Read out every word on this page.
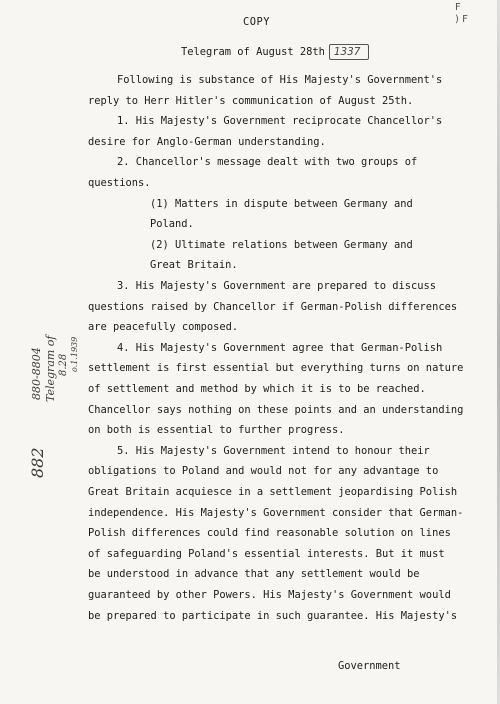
COPY
Telegram of August 28th 1337
F
) F
Following is substance of His Majesty's Government's
reply to Herr Hitler's communication of August 25th.
1. His Majesty's Government reciprocate Chancellor's
desire for Anglo-German understanding.
2. Chancellor's message dealt with two groups of
questions.
(1) Matters in dispute between Germany and
Poland.
(2) Ultimate relations between Germany and
Great Britain.
3. His Majesty's Government are prepared to discuss
questions raised by Chancellor if German-Polish differences
are peacefully composed.
4. His Majesty's Government agree that German-Polish
settlement is first essential but everything turns on nature
of settlement and method by which it is to be reached.
Chancellor says nothing on these points and an understanding
on both is essential to further progress.
5. His Majesty's Government intend to honour their
obligations to Poland and would not for any advantage to
Great Britain acquiesce in a settlement jeopardising Polish
independence. His Majesty's Government consider that German-
Polish differences could find reasonable solution on lines
of safeguarding Poland's essential interests. But it must
be understood in advance that any settlement would be
guaranteed by other Powers. His Majesty's Government would
be prepared to participate in such guarantee. His Majesty's
Government
880-8804 Telegram of 8.28 o.1.1939
882
